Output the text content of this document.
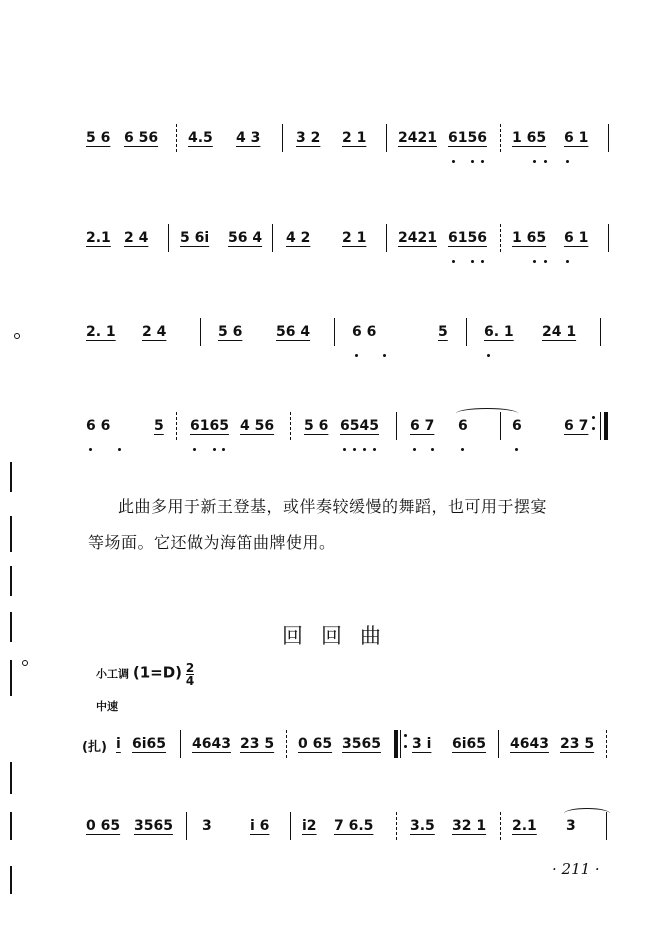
5 6 6 56 4.5 4 3	3 2 2 1 2421 6156 1 65 6 1
2.1 2 4 5 6i 56 4 4 2 2 1 2421 6156 1 65 6 1
2. 1 2 4	5 6 56 4	6 6	5	6. 1 24 1
6 6	5 6165 4 56 5 6 6545 6 7 6	6	6 7
此曲多用于新王登基，或伴奏较缓慢的舞蹈，也可用于摆宴
等场面。它还做为海笛曲牌使用。
回回曲
小工调 $(1=D) \frac{2}{4}$
中速
(扎) i 6i65 4643 23 5 0 65 3565 3 i 6i65 4643 23 5
0 65 3565 3	i 6 i2 7 6.5	3.5 32 1 2.1 3
· 211 ·
